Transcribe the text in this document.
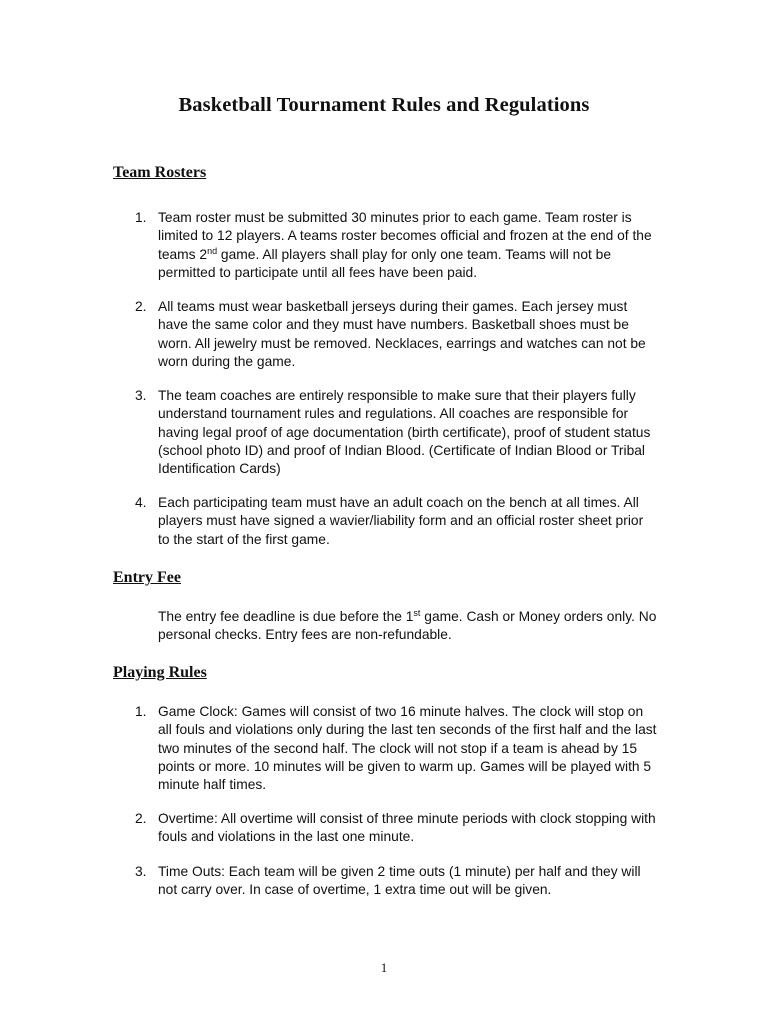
Basketball Tournament Rules and Regulations
Team Rosters
1. Team roster must be submitted 30 minutes prior to each game. Team roster is limited to 12 players. A teams roster becomes official and frozen at the end of the teams 2nd game. All players shall play for only one team. Teams will not be permitted to participate until all fees have been paid.
2. All teams must wear basketball jerseys during their games. Each jersey must have the same color and they must have numbers. Basketball shoes must be worn. All jewelry must be removed. Necklaces, earrings and watches can not be worn during the game.
3. The team coaches are entirely responsible to make sure that their players fully understand tournament rules and regulations. All coaches are responsible for having legal proof of age documentation (birth certificate), proof of student status (school photo ID) and proof of Indian Blood. (Certificate of Indian Blood or Tribal Identification Cards)
4. Each participating team must have an adult coach on the bench at all times. All players must have signed a wavier/liability form and an official roster sheet prior to the start of the first game.
Entry Fee
The entry fee deadline is due before the 1st game. Cash or Money orders only. No personal checks. Entry fees are non-refundable.
Playing Rules
1. Game Clock: Games will consist of two 16 minute halves. The clock will stop on all fouls and violations only during the last ten seconds of the first half and the last two minutes of the second half. The clock will not stop if a team is ahead by 15 points or more. 10 minutes will be given to warm up. Games will be played with 5 minute half times.
2. Overtime: All overtime will consist of three minute periods with clock stopping with fouls and violations in the last one minute.
3. Time Outs: Each team will be given 2 time outs (1 minute) per half and they will not carry over. In case of overtime, 1 extra time out will be given.
1
